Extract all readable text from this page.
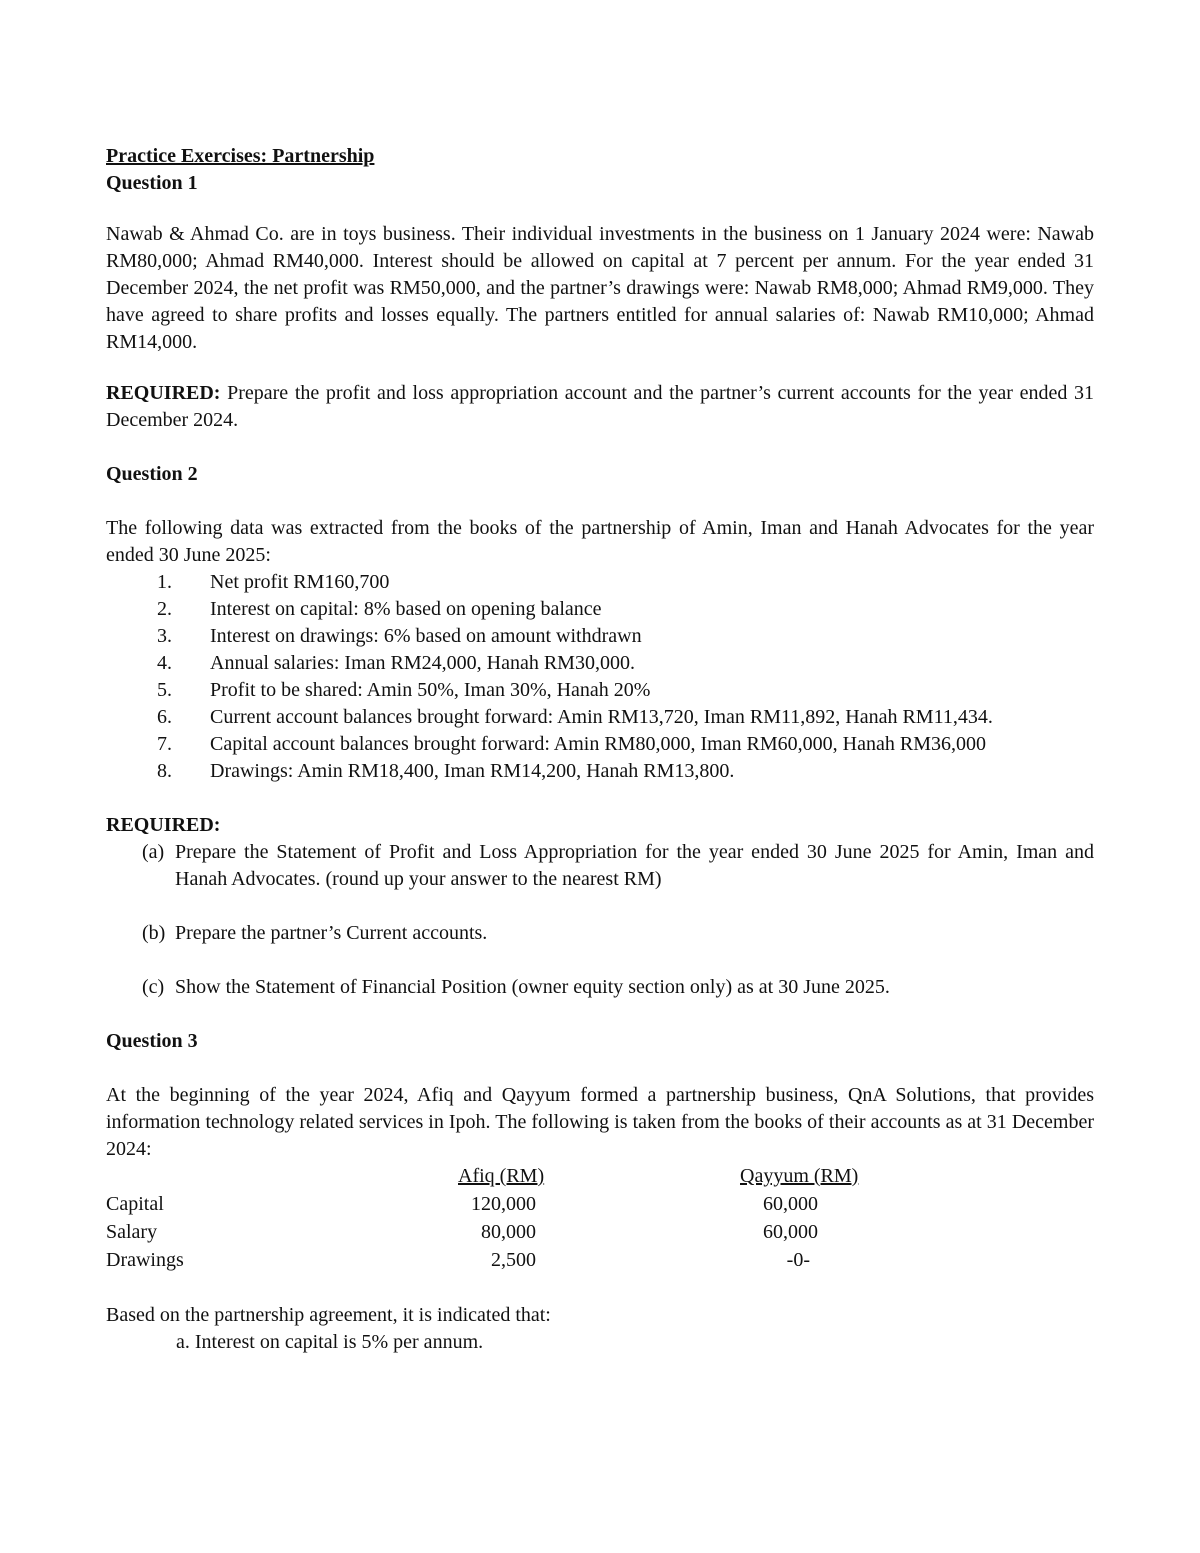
Practice Exercises: Partnership
Question 1
Nawab & Ahmad Co. are in toys business. Their individual investments in the business on 1 January 2024 were: Nawab RM80,000; Ahmad RM40,000. Interest should be allowed on capital at 7 percent per annum. For the year ended 31 December 2024, the net profit was RM50,000, and the partner’s drawings were: Nawab RM8,000; Ahmad RM9,000. They have agreed to share profits and losses equally. The partners entitled for annual salaries of: Nawab RM10,000; Ahmad RM14,000.
REQUIRED: Prepare the profit and loss appropriation account and the partner’s current accounts for the year ended 31 December 2024.
Question 2
The following data was extracted from the books of the partnership of Amin, Iman and Hanah Advocates for the year ended 30 June 2025:
1.	Net profit RM160,700
2.	Interest on capital: 8% based on opening balance
3.	Interest on drawings: 6% based on amount withdrawn
4.	Annual salaries: Iman RM24,000, Hanah RM30,000.
5.	Profit to be shared: Amin 50%, Iman 30%, Hanah 20%
6.	Current account balances brought forward: Amin RM13,720, Iman RM11,892, Hanah RM11,434.
7.	Capital account balances brought forward: Amin RM80,000, Iman RM60,000, Hanah RM36,000
8.	Drawings: Amin RM18,400, Iman RM14,200, Hanah RM13,800.
REQUIRED:
(a) Prepare the Statement of Profit and Loss Appropriation for the year ended 30 June 2025 for Amin, Iman and Hanah Advocates. (round up your answer to the nearest RM)
(b) Prepare the partner’s Current accounts.
(c) Show the Statement of Financial Position (owner equity section only) as at 30 June 2025.
Question 3
At the beginning of the year 2024, Afiq and Qayyum formed a partnership business, QnA Solutions, that provides information technology related services in Ipoh. The following is taken from the books of their accounts as at 31 December 2024:
	Afiq (RM)	Qayyum (RM)
Capital	120,000	60,000
Salary	80,000	60,000
Drawings	2,500	-0-
Based on the partnership agreement, it is indicated that:
a. Interest on capital is 5% per annum.
